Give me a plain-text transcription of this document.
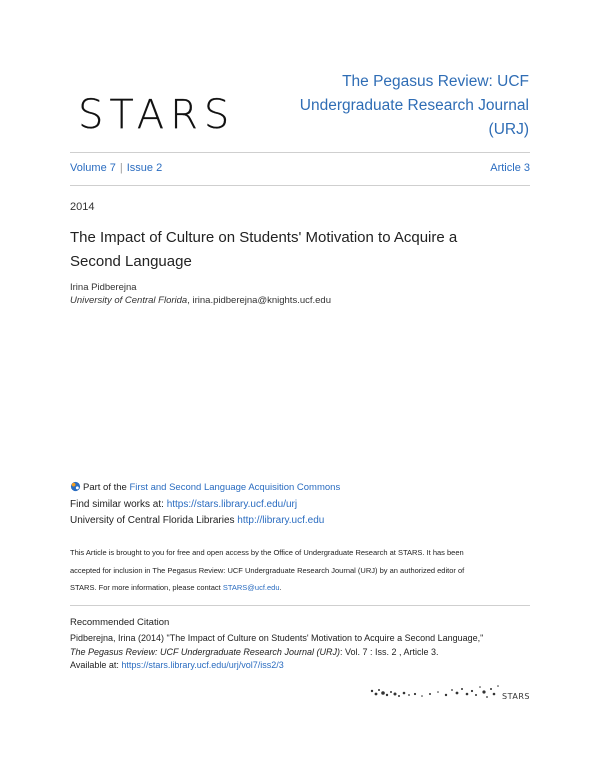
STARS
The Pegasus Review: UCF
Undergraduate Research Journal
(URJ)
Volume 7 | Issue 2	Article 3
2014
The Impact of Culture on Students' Motivation to Acquire a
Second Language
Irina Pidberejna
University of Central Florida, irina.pidberejna@knights.ucf.edu
Part of the First and Second Language Acquisition Commons
Find similar works at: https://stars.library.ucf.edu/urj
University of Central Florida Libraries http://library.ucf.edu
This Article is brought to you for free and open access by the Office of Undergraduate Research at STARS. It has been
accepted for inclusion in The Pegasus Review: UCF Undergraduate Research Journal (URJ) by an authorized editor of
STARS. For more information, please contact STARS@ucf.edu.
Recommended Citation
Pidberejna, Irina (2014) "The Impact of Culture on Students' Motivation to Acquire a Second Language,"
The Pegasus Review: UCF Undergraduate Research Journal (URJ): Vol. 7 : Iss. 2 , Article 3.
Available at: https://stars.library.ucf.edu/urj/vol7/iss2/3
STARS
